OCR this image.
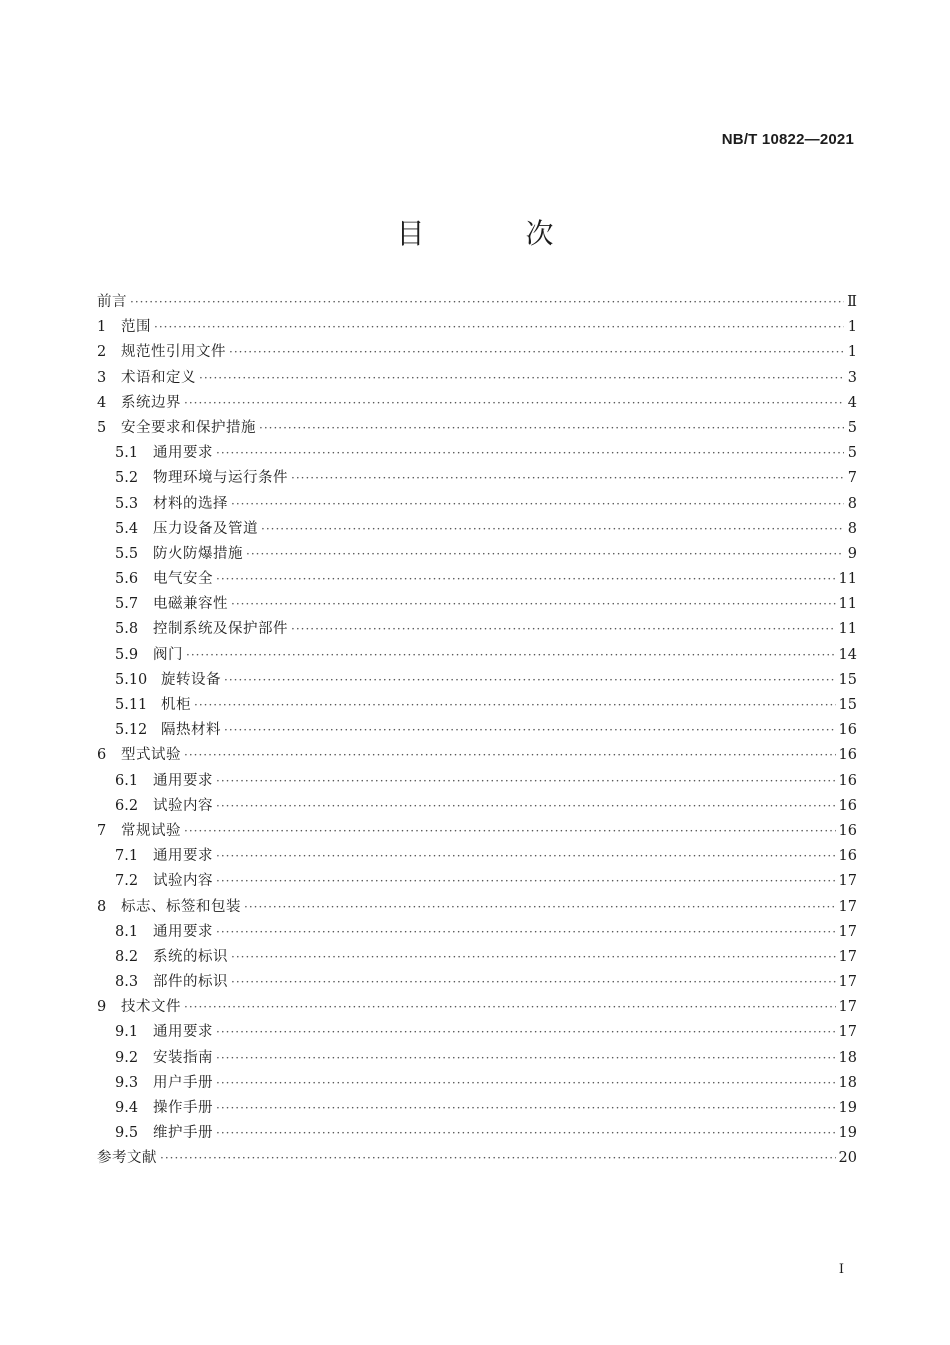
NB/T 10822—2021
目 次
前言 ·····	Ⅱ
1	范围 ·····	1
2	规范性引用文件 ·····	1
3	术语和定义 ·····	3
4	系统边界 ·····	4
5	安全要求和保护措施 ·····	5
5.1	通用要求 ·····	5
5.2	物理环境与运行条件 ·····	7
5.3	材料的选择 ·····	8
5.4	压力设备及管道 ·····	8
5.5	防火防爆措施 ·····	9
5.6	电气安全 ·····	11
5.7	电磁兼容性 ·····	11
5.8	控制系统及保护部件 ·····	11
5.9	阀门 ·····	14
5.10 旋转设备 ·····	15
5.11 机柜 ·····	15
5.12 隔热材料 ·····	16
6	型式试验 ·····	16
6.1	通用要求 ·····	16
6.2	试验内容 ·····	16
7	常规试验 ·····	16
7.1	通用要求 ·····	16
7.2	试验内容 ·····	17
8	标志、标签和包装 ·····	17
8.1	通用要求 ·····	17
8.2	系统的标识 ·····	17
8.3	部件的标识 ·····	17
9	技术文件 ·····	17
9.1	通用要求 ·····	17
9.2	安装指南 ·····	18
9.3	用户手册 ·····	18
9.4	操作手册 ·····	19
9.5	维护手册 ·····	19
参考文献 ·····	20
I
